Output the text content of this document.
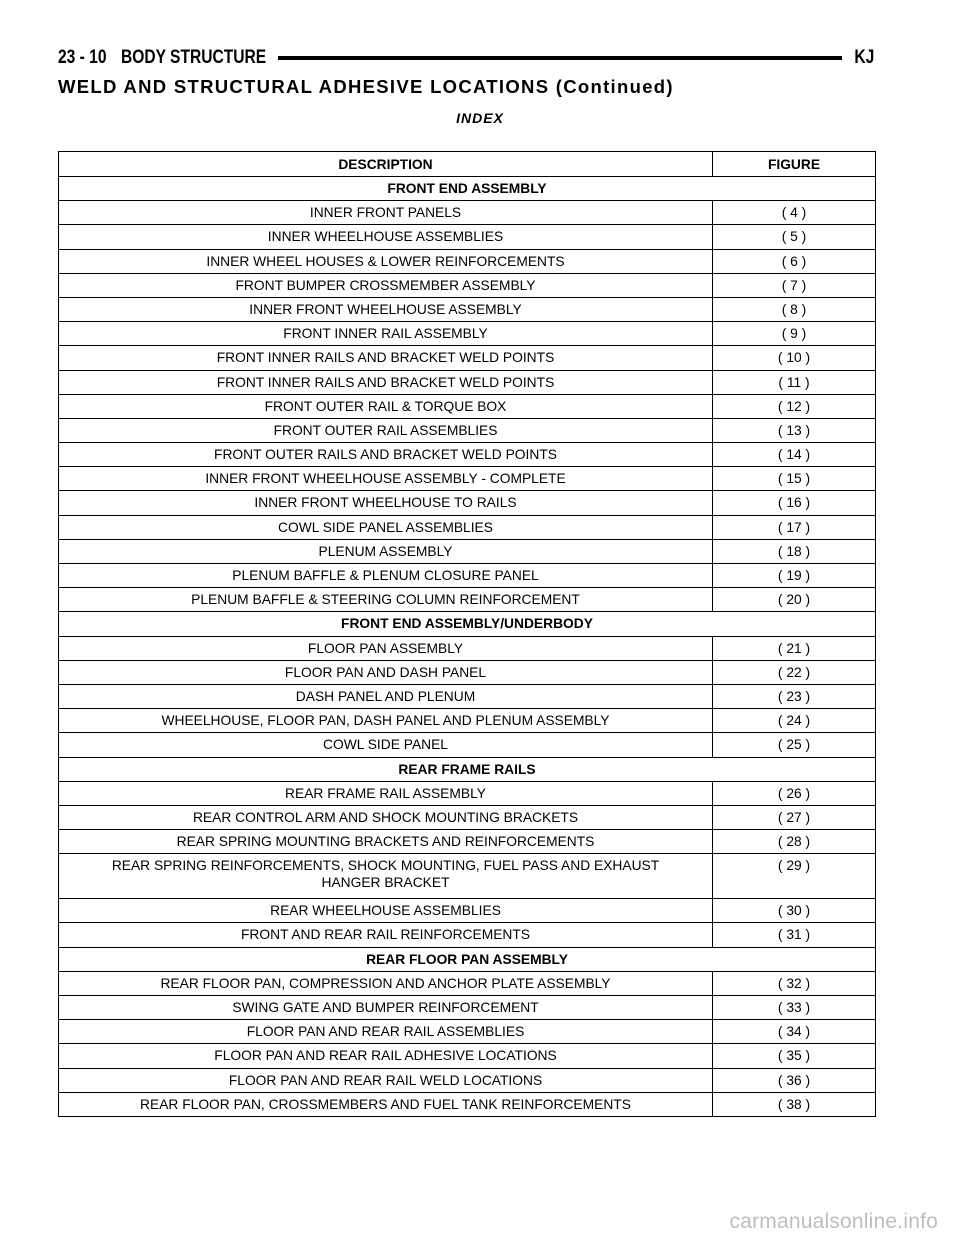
23 - 10 BODY STRUCTURE	KJ
WELD AND STRUCTURAL ADHESIVE LOCATIONS (Continued)
INDEX
DESCRIPTION	FIGURE
FRONT END ASSEMBLY	
INNER FRONT PANELS	( 4 )
INNER WHEELHOUSE ASSEMBLIES	( 5 )
INNER WHEEL HOUSES & LOWER REINFORCEMENTS	( 6 )
FRONT BUMPER CROSSMEMBER ASSEMBLY	( 7 )
INNER FRONT WHEELHOUSE ASSEMBLY	( 8 )
FRONT INNER RAIL ASSEMBLY	( 9 )
FRONT INNER RAILS AND BRACKET WELD POINTS	( 10 )
FRONT INNER RAILS AND BRACKET WELD POINTS	( 11 )
FRONT OUTER RAIL & TORQUE BOX	( 12 )
FRONT OUTER RAIL ASSEMBLIES	( 13 )
FRONT OUTER RAILS AND BRACKET WELD POINTS	( 14 )
INNER FRONT WHEELHOUSE ASSEMBLY - COMPLETE	( 15 )
INNER FRONT WHEELHOUSE TO RAILS	( 16 )
COWL SIDE PANEL ASSEMBLIES	( 17 )
PLENUM ASSEMBLY	( 18 )
PLENUM BAFFLE & PLENUM CLOSURE PANEL	( 19 )
PLENUM BAFFLE & STEERING COLUMN REINFORCEMENT	( 20 )
FRONT END ASSEMBLY/UNDERBODY	
FLOOR PAN ASSEMBLY	( 21 )
FLOOR PAN AND DASH PANEL	( 22 )
DASH PANEL AND PLENUM	( 23 )
WHEELHOUSE, FLOOR PAN, DASH PANEL AND PLENUM ASSEMBLY	( 24 )
COWL SIDE PANEL	( 25 )
REAR FRAME RAILS	
REAR FRAME RAIL ASSEMBLY	( 26 )
REAR CONTROL ARM AND SHOCK MOUNTING BRACKETS	( 27 )
REAR SPRING MOUNTING BRACKETS AND REINFORCEMENTS	( 28 )
REAR SPRING REINFORCEMENTS, SHOCK MOUNTING, FUEL PASS AND EXHAUST
HANGER BRACKET	( 29 )
REAR WHEELHOUSE ASSEMBLIES	( 30 )
FRONT AND REAR RAIL REINFORCEMENTS	( 31 )
REAR FLOOR PAN ASSEMBLY	
REAR FLOOR PAN, COMPRESSION AND ANCHOR PLATE ASSEMBLY	( 32 )
SWING GATE AND BUMPER REINFORCEMENT	( 33 )
FLOOR PAN AND REAR RAIL ASSEMBLIES	( 34 )
FLOOR PAN AND REAR RAIL ADHESIVE LOCATIONS	( 35 )
FLOOR PAN AND REAR RAIL WELD LOCATIONS	( 36 )
REAR FLOOR PAN, CROSSMEMBERS AND FUEL TANK REINFORCEMENTS	( 38 )
carmanualsonline.info
